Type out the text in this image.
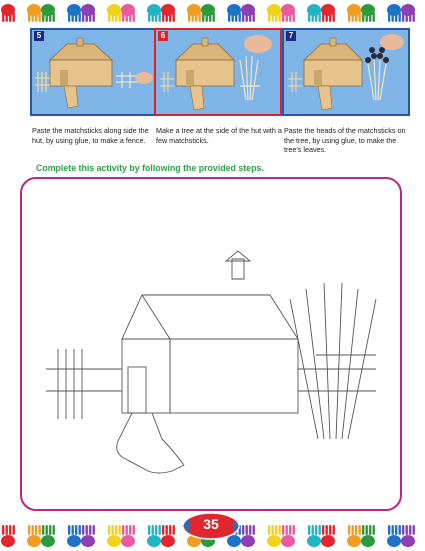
5
Paste the matchsticks along side the hut, by using glue, to make a fence.
6
Make a tree at the side of the hut with a few matchsticks.
7
Paste the heads of the matchsticks on the tree, by using glue, to make the tree's leaves.
Complete this activity by following the provided steps.
35
